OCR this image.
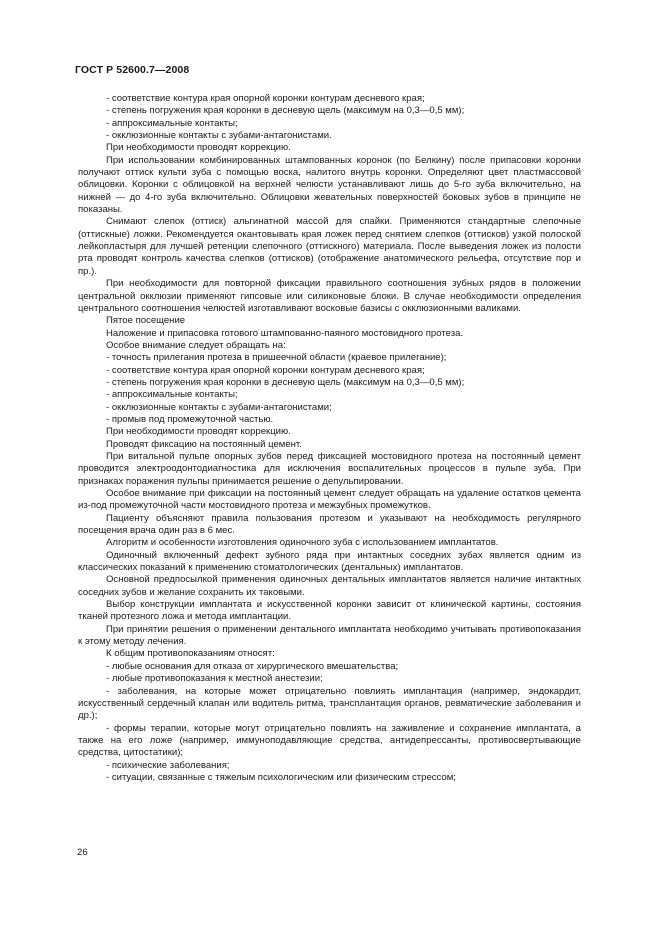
ГОСТ Р 52600.7—2008

- соответствие контура края опорной коронки контурам десневого края;

- степень погружения края коронки в десневую щель (максимум на 0,3—0,5 мм);

- аппроксимальные контакты;

- окклюзионные контакты с зубами-антагонистами.

При необходимости проводят коррекцию.

При использовании комбинированных штампованных коронок (по Белкину) после припасовки коронки получают оттиск культи зуба с помощью воска, налитого внутрь коронки. Определяют цвет пластмассовой облицовки. Коронки с облицовкой на верхней челюсти устанавливают лишь до 5-го зуба включительно, на нижней — до 4-го зуба включительно. Облицовки жевательных поверхностей боковых зубов в принципе не показаны.

Снимают слепок (оттиск) альгинатной массой для спайки. Применяются стандартные слепочные (оттискные) ложки. Рекомендуется окантовывать края ложек перед снятием слепков (оттисков) узкой полоской лейкопластыря для лучшей ретенции слепочного (оттискного) материала. После выведения ложек из полости рта проводят контроль качества слепков (оттисков) (отображение анатомического рельефа, отсутствие пор и пр.).

При необходимости для повторной фиксации правильного соотношения зубных рядов в положении центральной окклюзии применяют гипсовые или силиконовые блоки. В случае необходимости определения центрального соотношения челюстей изготавливают восковые базисы с окклюзионными валиками.

Пятое посещение

Наложение и припасовка готового штампованно-паяного мостовидного протеза.

Особое внимание следует обращать на:

- точность прилегания протеза в пришеечной области (краевое прилегание);

- соответствие контура края опорной коронки контурам десневого края;

- степень погружения края коронки в десневую щель (максимум на 0,3—0,5 мм);

- аппроксимальные контакты;

- окклюзионные контакты с зубами-антагонистами;

- промыв под промежуточной частью.

При необходимости проводят коррекцию.

Проводят фиксацию на постоянный цемент.

При витальной пульпе опорных зубов перед фиксацией мостовидного протеза на постоянный цемент проводится электроодонтодиагностика для исключения воспалительных процессов в пульпе зуба. При признаках поражения пульпы принимается решение о депульпировании.

Особое внимание при фиксации на постоянный цемент следует обращать на удаление остатков цемента из-под промежуточной части мостовидного протеза и межзубных промежутков.

Пациенту объясняют правила пользования протезом и указывают на необходимость регулярного посещения врача один раз в 6 мес.

Алгоритм и особенности изготовления одиночного зуба с использованием имплантатов.

Одиночный включенный дефект зубного ряда при интактных соседних зубах является одним из классических показаний к применению стоматологических (дентальных) имплантатов.

Основной предпосылкой применения одиночных дентальных имплантатов является наличие интактных соседних зубов и желание сохранить их таковыми.

Выбор конструкции имплантата и искусственной коронки зависит от клинической картины, состояния тканей протезного ложа и метода имплантации.

При принятии решения о применении дентального имплантата необходимо учитывать противопоказания к этому методу лечения.

К общим противопоказаниям относят:

- любые основания для отказа от хирургического вмешательства;

- любые противопоказания к местной анестезии;

- заболевания, на которые может отрицательно повлиять имплантация (например, эндокардит, искусственный сердечный клапан или водитель ритма, трансплантация органов, ревматические заболевания и др.);

- формы терапии, которые могут отрицательно повлиять на заживление и сохранение имплантата, а также на его ложе (например, иммуноподавляющие средства, антидепрессанты, противосвертывающие средства, цитостатики);

- психические заболевания;

- ситуации, связанные с тяжелым психологическим или физическим стрессом;

26
